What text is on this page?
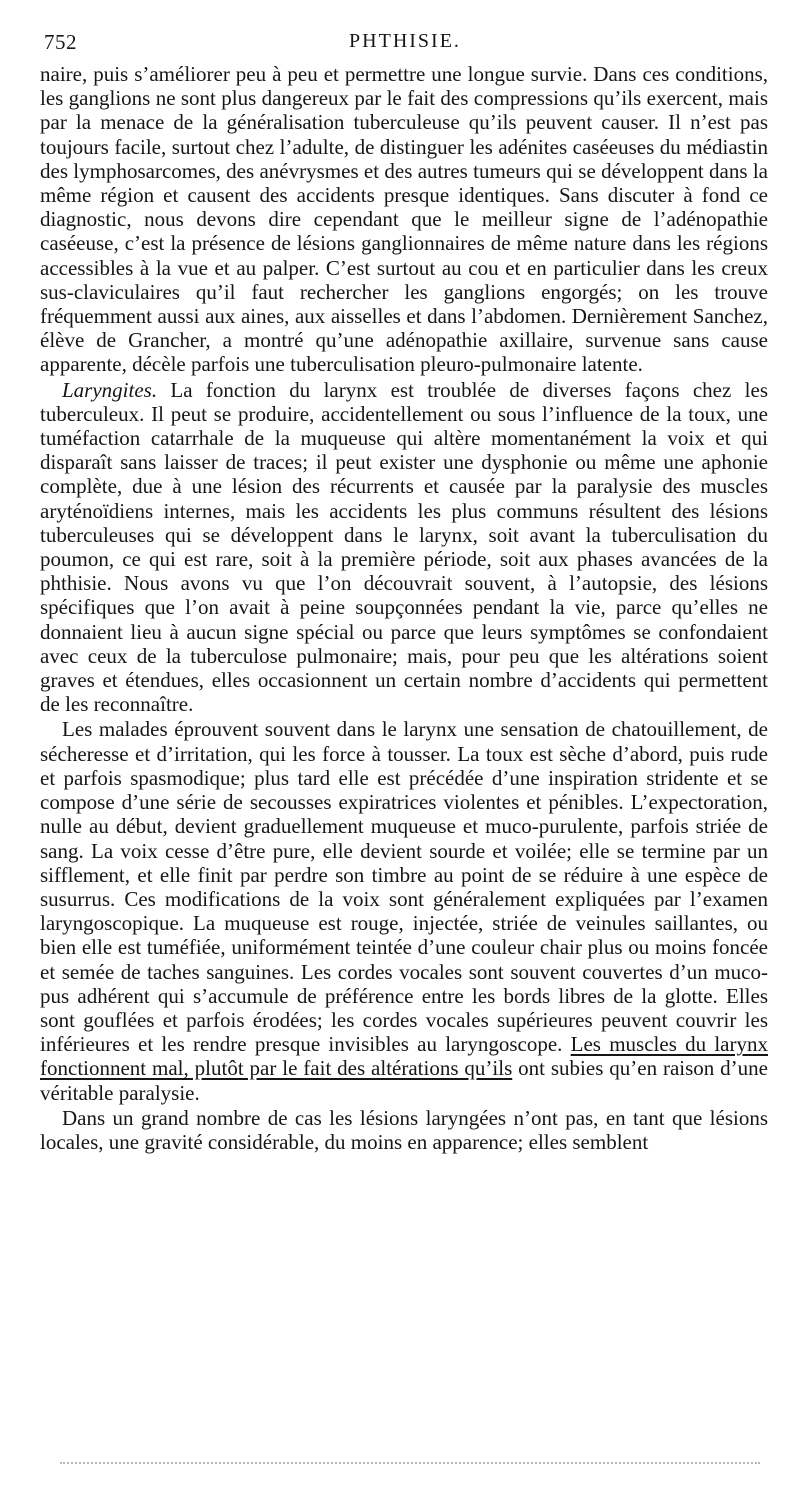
752	PHTHISIE.

naire, puis s’améliorer peu à peu et permettre une longue survie. Dans ces conditions, les ganglions ne sont plus dangereux par le fait des compressions qu’ils exercent, mais par la menace de la généralisation tuberculeuse qu’ils peuvent causer. Il n’est pas toujours facile, surtout chez l’adulte, de distinguer les adénites caséeuses du médiastin des lymphosarcomes, des anévrysmes et des autres tumeurs qui se développent dans la même région et causent des accidents presque identiques. Sans discuter à fond ce diagnostic, nous devons dire cependant que le meilleur signe de l’adénopathie caséeuse, c’est la présence de lésions ganglionnaires de même nature dans les régions accessibles à la vue et au palper. C’est surtout au cou et en particulier dans les creux sus-claviculaires qu’il faut rechercher les ganglions engorgés; on les trouve fréquemment aussi aux aines, aux aisselles et dans l’abdomen. Dernièrement Sanchez, élève de Grancher, a montré qu’une adénopathie axillaire, survenue sans cause apparente, décèle parfois une tuberculisation pleuro-pulmonaire latente.

Laryngites. La fonction du larynx est troublée de diverses façons chez les tuberculeux. Il peut se produire, accidentellement ou sous l’influence de la toux, une tuméfaction catarrhale de la muqueuse qui altère momentanément la voix et qui disparaît sans laisser de traces; il peut exister une dysphonie ou même une aphonie complète, due à une lésion des récurrents et causée par la paralysie des muscles aryténoïdiens internes, mais les accidents les plus communs résultent des lésions tuberculeuses qui se développent dans le larynx, soit avant la tuberculisation du poumon, ce qui est rare, soit à la première période, soit aux phases avancées de la phthisie. Nous avons vu que l’on découvrait souvent, à l’autopsie, des lésions spécifiques que l’on avait à peine soupçonnées pendant la vie, parce qu’elles ne donnaient lieu à aucun signe spécial ou parce que leurs symptômes se confondaient avec ceux de la tuberculose pulmonaire; mais, pour peu que les altérations soient graves et étendues, elles occasionnent un certain nombre d’accidents qui permettent de les reconnaître.

Les malades éprouvent souvent dans le larynx une sensation de chatouillement, de sécheresse et d’irritation, qui les force à tousser. La toux est sèche d’abord, puis rude et parfois spasmodique; plus tard elle est précédée d’une inspiration stridente et se compose d’une série de secousses expiratrices violentes et pénibles. L’expectoration, nulle au début, devient graduellement muqueuse et muco-purulente, parfois striée de sang. La voix cesse d’être pure, elle devient sourde et voilée; elle se termine par un sifflement, et elle finit par perdre son timbre au point de se réduire à une espèce de susurrus. Ces modifications de la voix sont généralement expliquées par l’examen laryngoscopique. La muqueuse est rouge, injectée, striée de veinules saillantes, ou bien elle est tuméfiée, uniformément teintée d’une couleur chair plus ou moins foncée et semée de taches sanguines. Les cordes vocales sont souvent couvertes d’un muco-pus adhérent qui s’accumule de préférence entre les bords libres de la glotte. Elles sont gouflées et parfois érodées; les cordes vocales supérieures peuvent couvrir les inférieures et les rendre presque invisibles au laryngoscope. Les muscles du larynx fonctionnent mal, plutôt par le fait des altérations qu’ils ont subies qu’en raison d’une véritable paralysie.

Dans un grand nombre de cas les lésions laryngées n’ont pas, en tant que lésions locales, une gravité considérable, du moins en apparence; elles semblent
